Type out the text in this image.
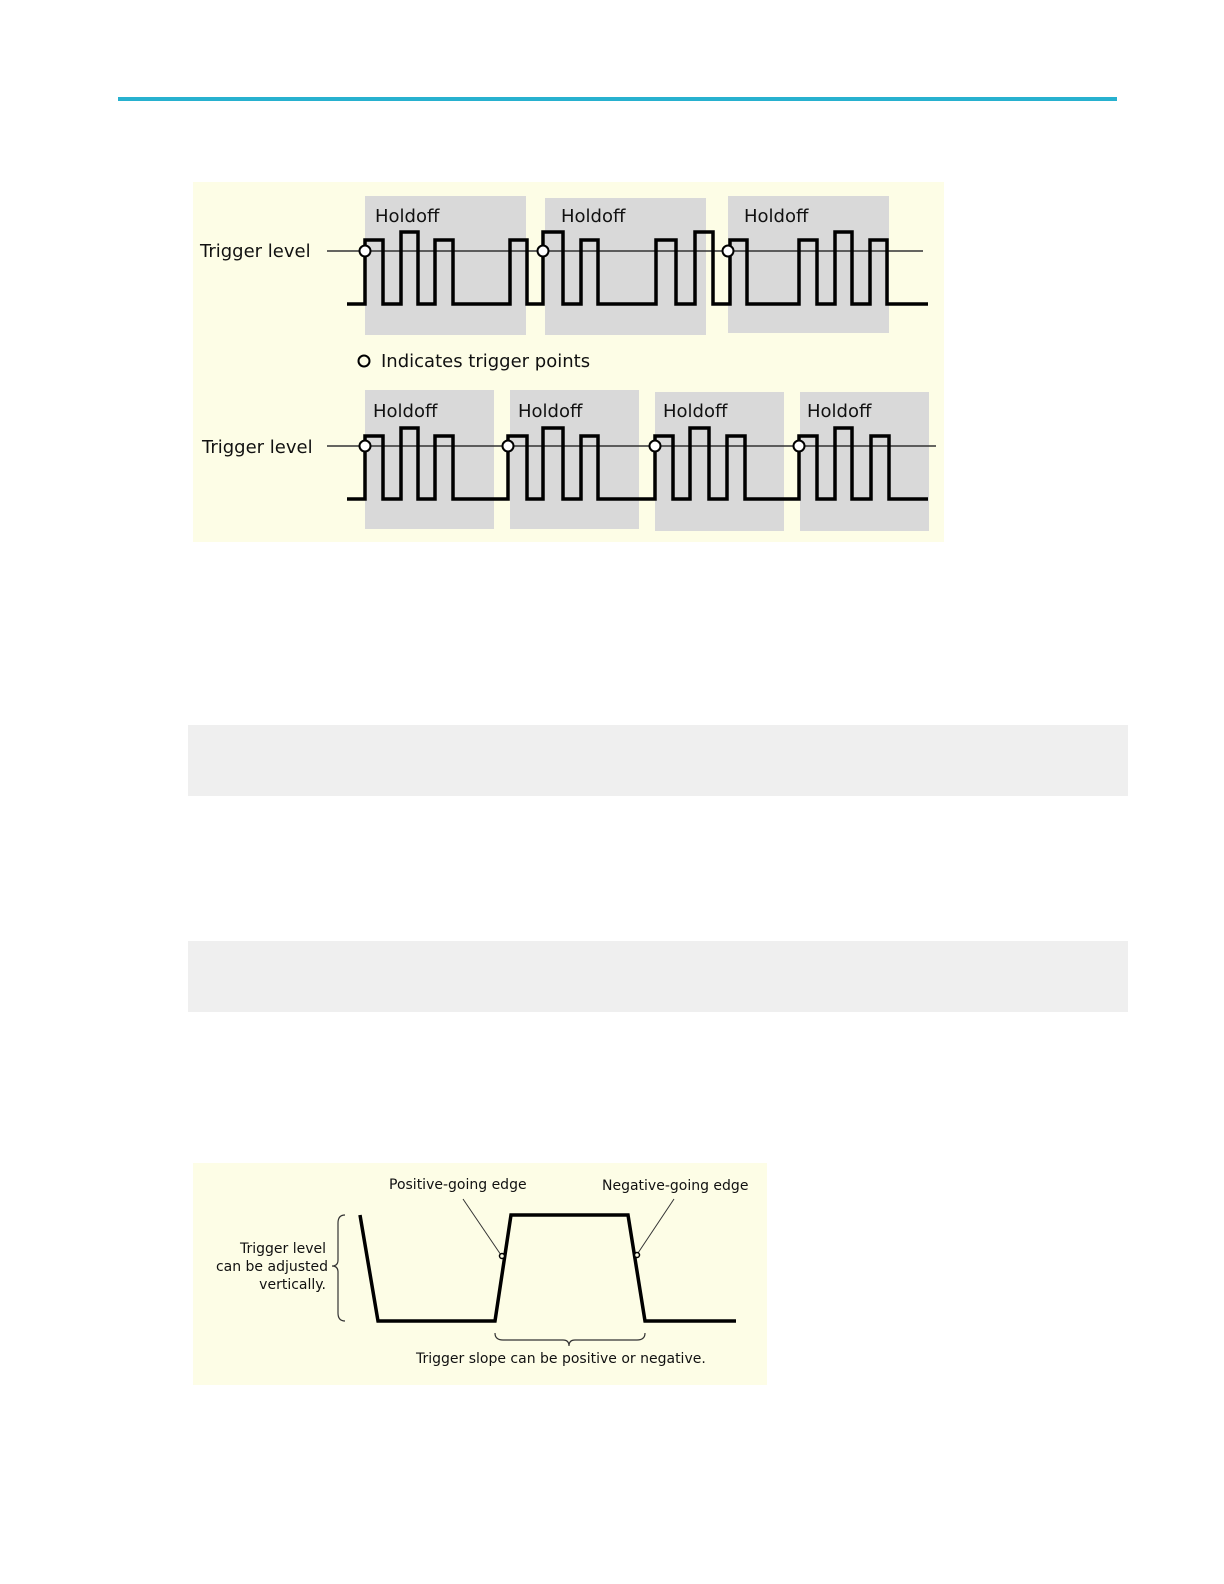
Holdoff	Holdoff	Holdoff
Holdoff	Holdoff	Holdoff	Holdoff
Trigger level
Trigger level
Indicates trigger points
Positive-going edge	Negative-going edge
Trigger level
can be adjusted
vertically.
Trigger slope can be positive or negative.
